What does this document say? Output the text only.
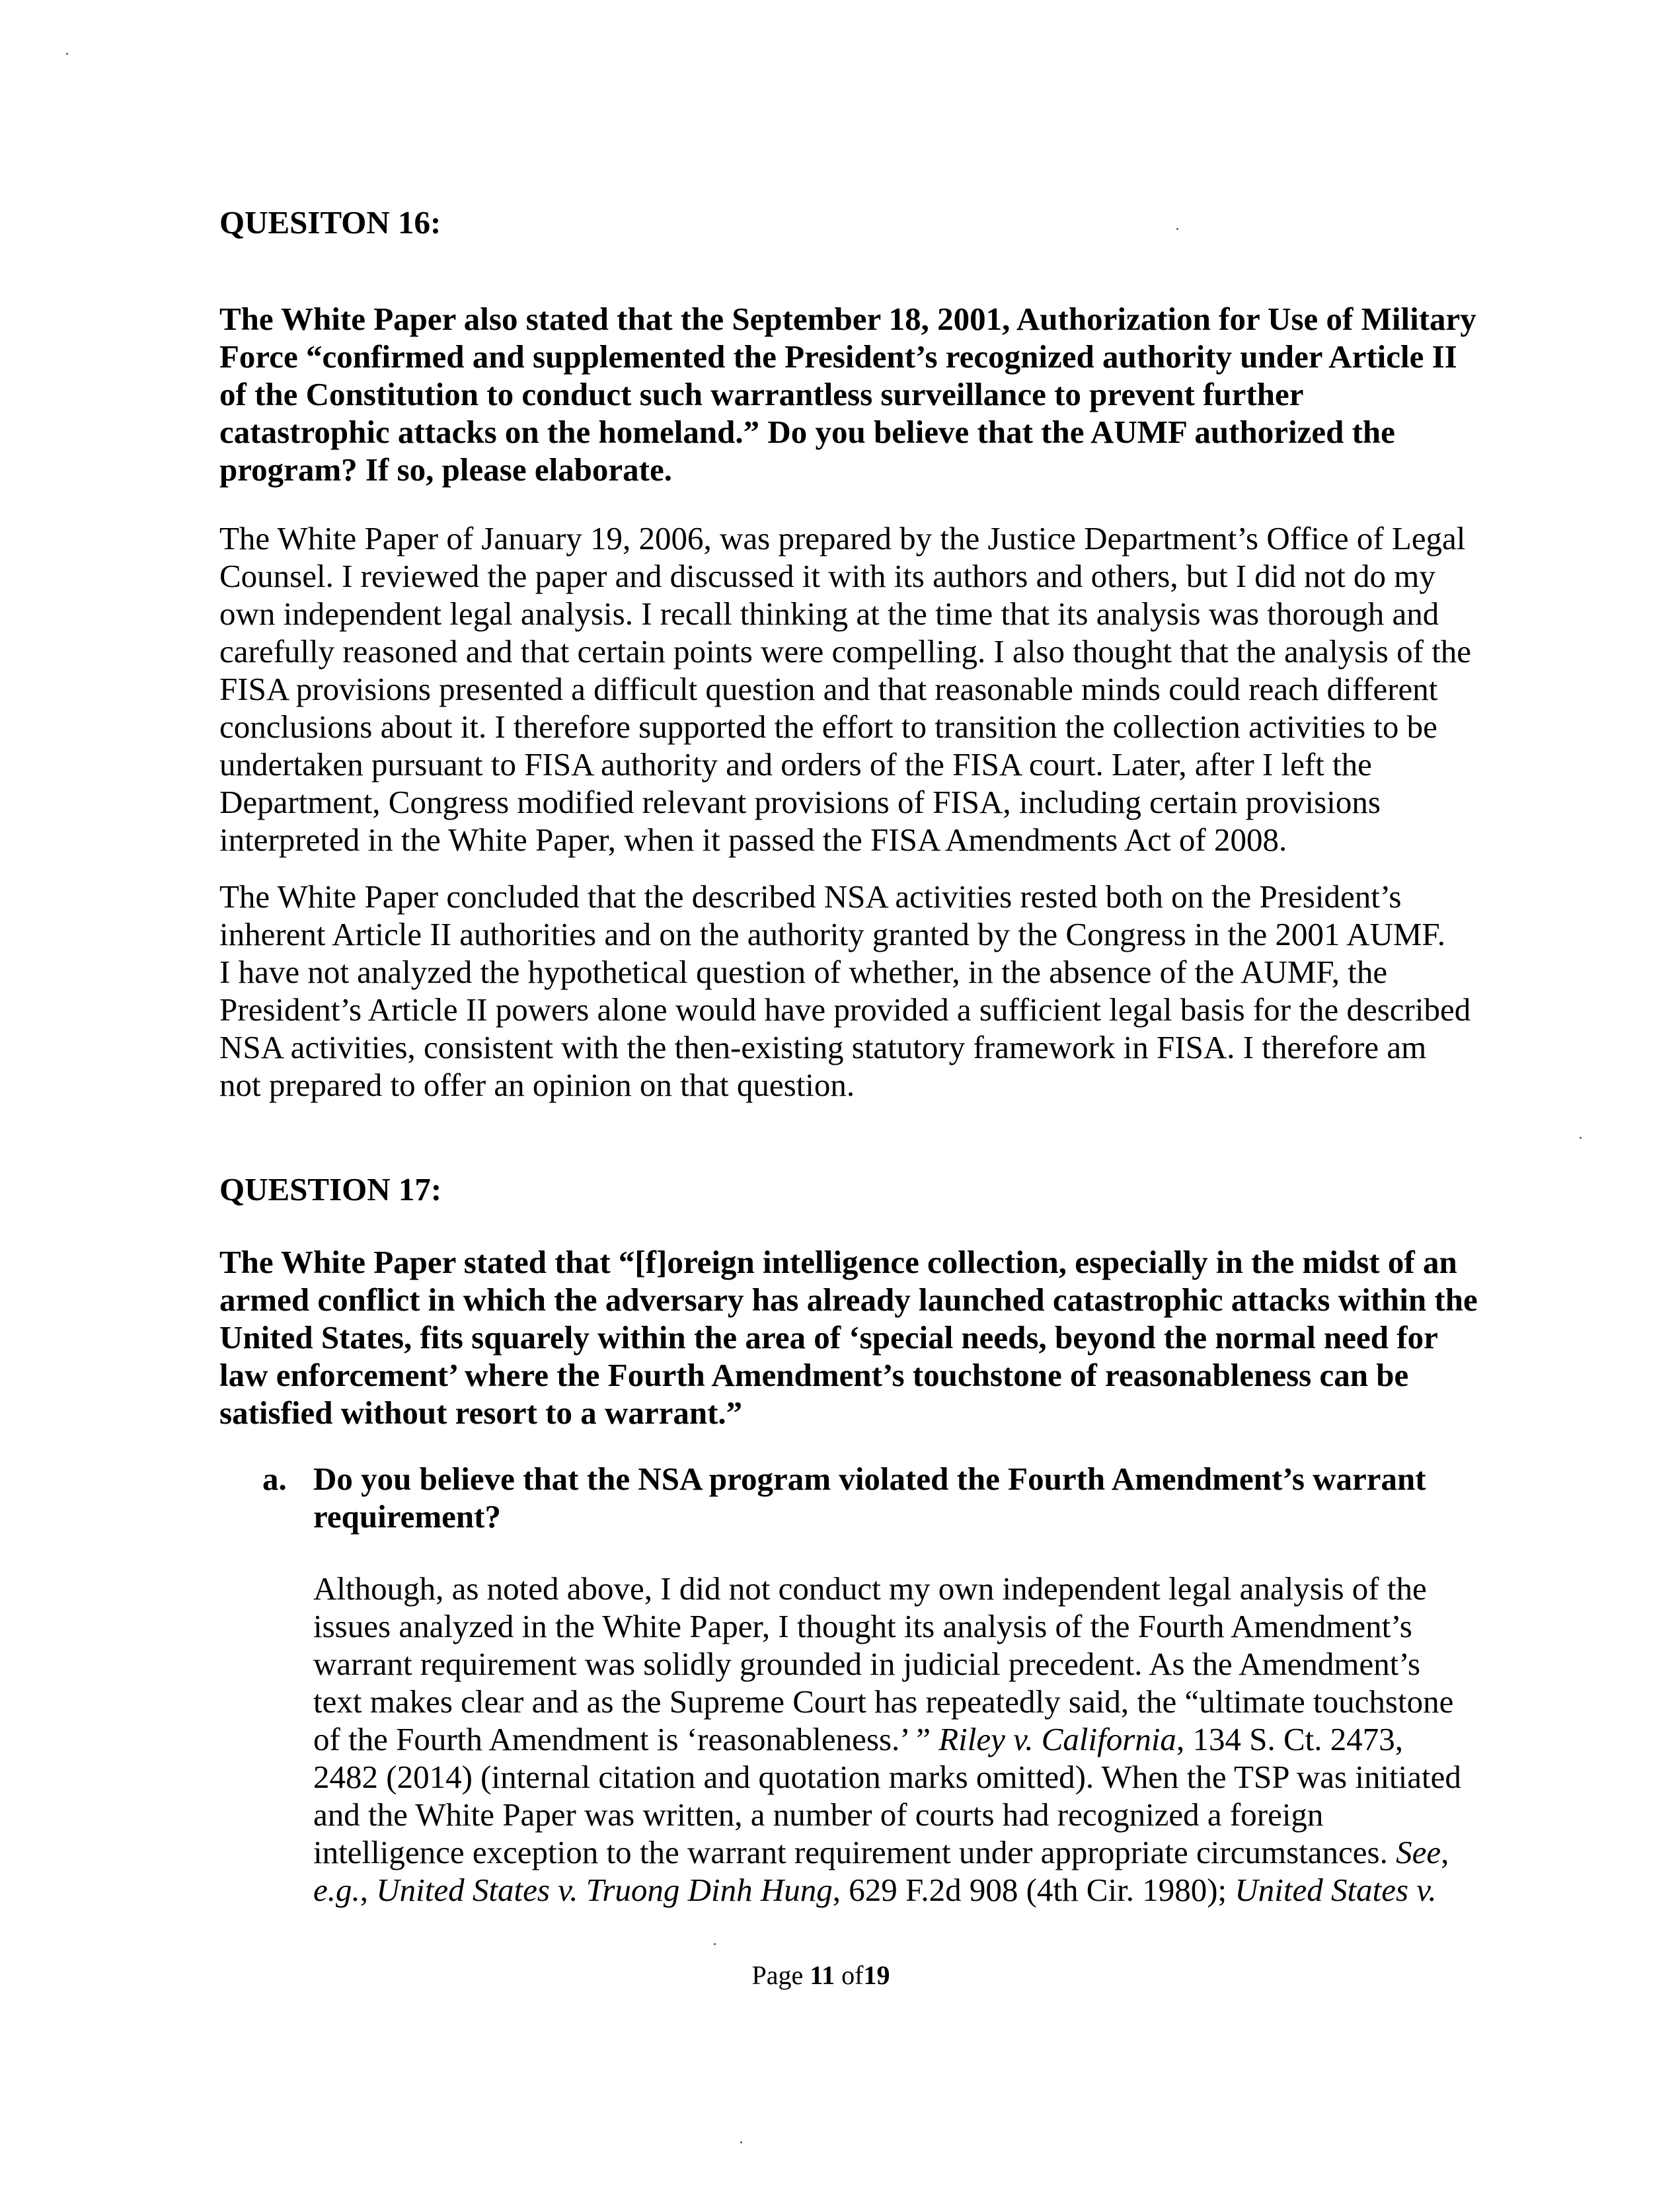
QUESITON 16:
The White Paper also stated that the September 18, 2001, Authorization for Use of Military
Force “confirmed and supplemented the President’s recognized authority under Article II
of the Constitution to conduct such warrantless surveillance to prevent further
catastrophic attacks on the homeland.” Do you believe that the AUMF authorized the
program? If so, please elaborate.
The White Paper of January 19, 2006, was prepared by the Justice Department’s Office of Legal
Counsel. I reviewed the paper and discussed it with its authors and others, but I did not do my
own independent legal analysis. I recall thinking at the time that its analysis was thorough and
carefully reasoned and that certain points were compelling. I also thought that the analysis of the
FISA provisions presented a difficult question and that reasonable minds could reach different
conclusions about it. I therefore supported the effort to transition the collection activities to be
undertaken pursuant to FISA authority and orders of the FISA court. Later, after I left the
Department, Congress modified relevant provisions of FISA, including certain provisions
interpreted in the White Paper, when it passed the FISA Amendments Act of 2008.
The White Paper concluded that the described NSA activities rested both on the President’s
inherent Article II authorities and on the authority granted by the Congress in the 2001 AUMF.
I have not analyzed the hypothetical question of whether, in the absence of the AUMF, the
President’s Article II powers alone would have provided a sufficient legal basis for the described
NSA activities, consistent with the then-existing statutory framework in FISA. I therefore am
not prepared to offer an opinion on that question.
QUESTION 17:
The White Paper stated that “[f]oreign intelligence collection, especially in the midst of an
armed conflict in which the adversary has already launched catastrophic attacks within the
United States, fits squarely within the area of ‘special needs, beyond the normal need for
law enforcement’ where the Fourth Amendment’s touchstone of reasonableness can be
satisfied without resort to a warrant.”
a. Do you believe that the NSA program violated the Fourth Amendment’s warrant
requirement?
Although, as noted above, I did not conduct my own independent legal analysis of the
issues analyzed in the White Paper, I thought its analysis of the Fourth Amendment’s
warrant requirement was solidly grounded in judicial precedent. As the Amendment’s
text makes clear and as the Supreme Court has repeatedly said, the “ultimate touchstone
of the Fourth Amendment is ‘reasonableness.’ ” Riley v. California, 134 S. Ct. 2473,
2482 (2014) (internal citation and quotation marks omitted). When the TSP was initiated
and the White Paper was written, a number of courts had recognized a foreign
intelligence exception to the warrant requirement under appropriate circumstances. See,
e.g., United States v. Truong Dinh Hung, 629 F.2d 908 (4th Cir. 1980); United States v.
Page 11 of19
